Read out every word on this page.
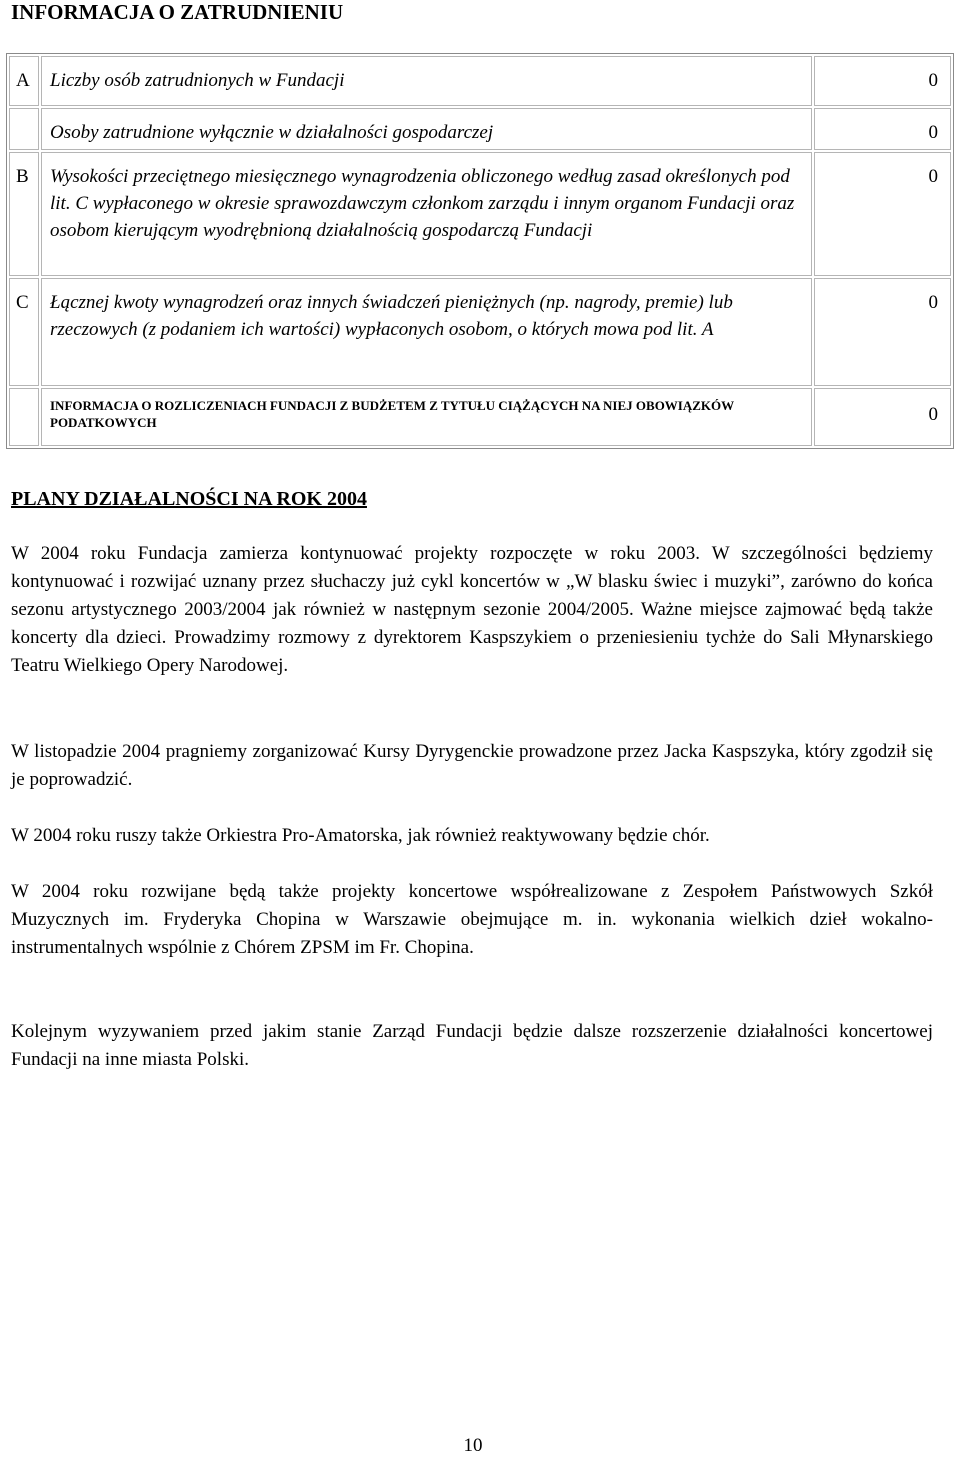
INFORMACJA O ZATRUDNIENIU
A	Liczby osób zatrudnionych w Fundacji	0
	Osoby zatrudnione wyłącznie w działalności gospodarczej	0
B	Wysokości przeciętnego miesięcznego wynagrodzenia obliczonego według zasad określonych pod lit. C wypłaconego w okresie sprawozdawczym członkom zarządu i innym organom Fundacji oraz osobom kierującym wyodrębnioną działalnością gospodarczą Fundacji	0
C	Łącznej kwoty wynagrodzeń oraz innych świadczeń pieniężnych (np. nagrody, premie) lub rzeczowych (z podaniem ich wartości) wypłaconych osobom, o których mowa pod lit. A	0
	INFORMACJA O ROZLICZENIACH FUNDACJI Z BUDŻETEM Z TYTUŁU CIĄŻĄCYCH NA NIEJ OBOWIĄZKÓW PODATKOWYCH	0
PLANY DZIAŁALNOŚCI NA ROK 2004

W 2004 roku Fundacja zamierza kontynuować projekty rozpoczęte w roku 2003. W szczególności będziemy kontynuować i rozwijać uznany przez słuchaczy już cykl koncertów w „W blasku świec i muzyki”, zarówno do końca sezonu artystycznego 2003/2004 jak również w następnym sezonie 2004/2005. Ważne miejsce zajmować będą także koncerty dla dzieci. Prowadzimy rozmowy z dyrektorem Kaspszykiem o przeniesieniu tychże do Sali Młynarskiego Teatru Wielkiego Opery Narodowej.

W listopadzie 2004 pragniemy zorganizować Kursy Dyrygenckie prowadzone przez Jacka Kaspszyka, który zgodził się je poprowadzić.

W 2004 roku ruszy także Orkiestra Pro-Amatorska, jak również reaktywowany będzie chór.

W 2004 roku rozwijane będą także projekty koncertowe współrealizowane z Zespołem Państwowych Szkół Muzycznych im. Fryderyka Chopina w Warszawie obejmujące m. in. wykonania wielkich dzieł wokalno-instrumentalnych wspólnie z Chórem ZPSM im Fr. Chopina.

Kolejnym wyzywaniem przed jakim stanie Zarząd Fundacji będzie dalsze rozszerzenie działalności koncertowej Fundacji na inne miasta Polski.

10
